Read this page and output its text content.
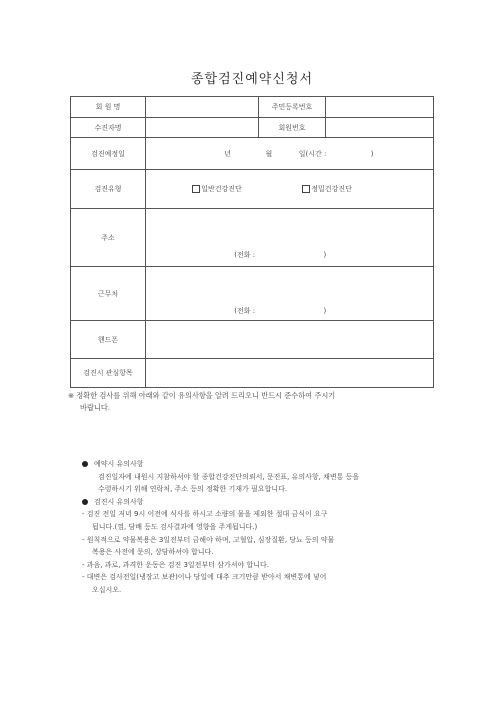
종합검진예약신청서
회 원 명		주민등록번호	
수진자명		회원번호	
검진예정일	년 월 일(시간 : )		
검진유형	일반건강진단 정밀건강진단		
주소	(전화 : )		
근무처	(전화 : )		
핸드폰			
검진시 관심항목			
※ 정확한 검사를 위해 아래와 같이 유의사항을 알려 드리오니 반드시 준수하여 주시기
바랍니다.
예약시 유의사항
검진일자에 내원시 지참하셔야 할 종합건강진단의뢰서, 문진표, 유의사항, 채변통 등을
수령하시기 위해 연락처, 주소 등의 정확한 기재가 필요합니다.
검진시 유의사항
- 검진 전일 저녁 9시 이전에 식사를 하시고 소량의 물을 제외한 절대 금식이 요구
됩니다.(껌, 담배 등도 검사결과에 영향을 주게됩니다.)
- 원칙적으로 약물복용은 3일전부터 금해야 하며, 고혈압, 심장질환, 당뇨 등의 약물
복용은 사전에 문의, 상담하셔야 합니다.
- 과음, 과로, 과격한 운동은 검진 3일전부터 삼가셔야 합니다.
- 대변은 검사전일(냉장고 보관)이나 당일에 대추 크기만큼 받아서 채변통에 넣어
오십시오.
